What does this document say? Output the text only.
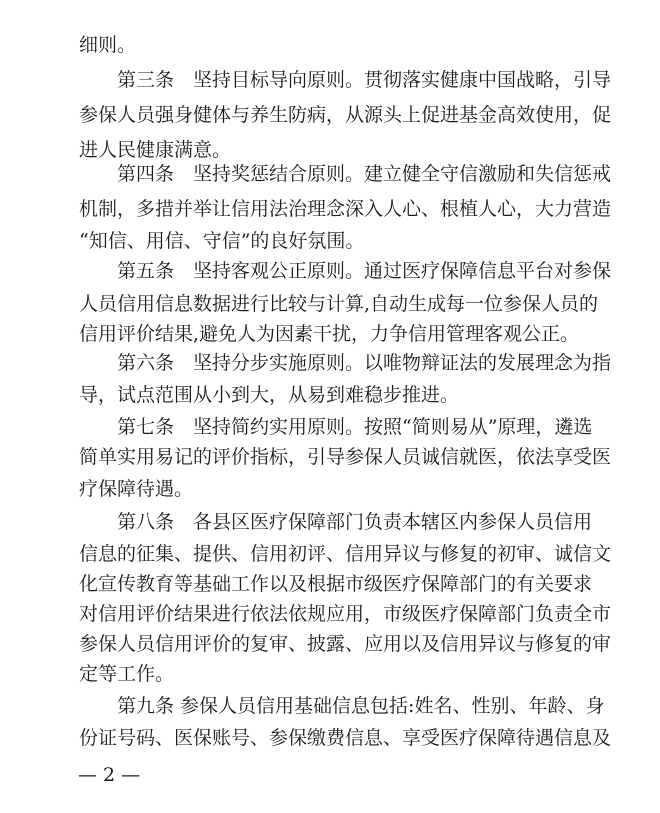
细则。
第三条　坚持目标导向原则。贯彻落实健康中国战略，引导
参保人员强身健体与养生防病，从源头上促进基金高效使用，促
进人民健康满意。
第四条　坚持奖惩结合原则。建立健全守信激励和失信惩戒
机制，多措并举让信用法治理念深入人心、根植人心，大力营造
“知信、用信、守信”的良好氛围。
第五条　坚持客观公正原则。通过医疗保障信息平台对参保
人员信用信息数据进行比较与计算,自动生成每一位参保人员的
信用评价结果,避免人为因素干扰，力争信用管理客观公正。
第六条　坚持分步实施原则。以唯物辩证法的发展理念为指
导，试点范围从小到大，从易到难稳步推进。
第七条　坚持简约实用原则。按照“简则易从”原理，遴选
简单实用易记的评价指标，引导参保人员诚信就医，依法享受医
疗保障待遇。
第八条　各县区医疗保障部门负责本辖区内参保人员信用
信息的征集、提供、信用初评、信用异议与修复的初审、诚信文
化宣传教育等基础工作以及根据市级医疗保障部门的有关要求
对信用评价结果进行依法依规应用，市级医疗保障部门负责全市
参保人员信用评价的复审、披露、应用以及信用异议与修复的审
定等工作。
第九条 参保人员信用基础信息包括:姓名、性别、年龄、身
份证号码、医保账号、参保缴费信息、享受医疗保障待遇信息及
— 2 —
